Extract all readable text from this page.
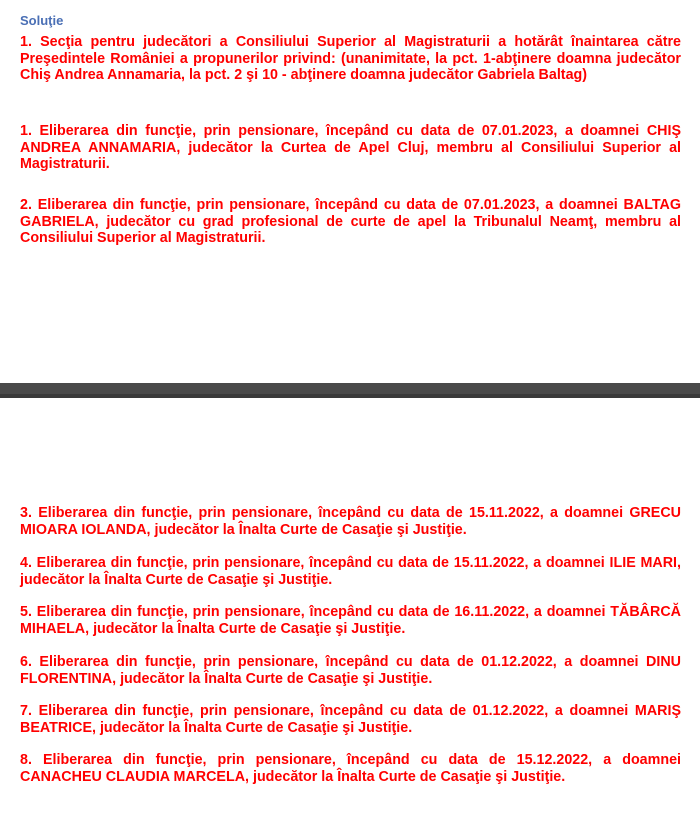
Soluţie

1. Secţia pentru judecători a Consiliului Superior al Magistraturii a hotărât înaintarea către Preşedintele României a propunerilor privind: (unanimitate, la pct. 1-abţinere doamna judecător Chiş Andrea Annamaria, la pct. 2 şi 10 - abţinere doamna judecător Gabriela Baltag)

1. Eliberarea din funcţie, prin pensionare, începând cu data de 07.01.2023, a doamnei CHIŞ ANDREA ANNAMARIA, judecător la Curtea de Apel Cluj, membru al Consiliului Superior al Magistraturii.

2. Eliberarea din funcţie, prin pensionare, începând cu data de 07.01.2023, a doamnei BALTAG GABRIELA, judecător cu grad profesional de curte de apel la Tribunalul Neamţ, membru al Consiliului Superior al Magistraturii.

3. Eliberarea din funcţie, prin pensionare, începând cu data de 15.11.2022, a doamnei GRECU MIOARA IOLANDA, judecător la Înalta Curte de Casaţie şi Justiţie.

4. Eliberarea din funcţie, prin pensionare, începând cu data de 15.11.2022, a doamnei ILIE MARI, judecător la Înalta Curte de Casaţie şi Justiţie.

5. Eliberarea din funcţie, prin pensionare, începând cu data de 16.11.2022, a doamnei TĂBÂRCĂ MIHAELA, judecător la Înalta Curte de Casaţie şi Justiţie.

6. Eliberarea din funcţie, prin pensionare, începând cu data de 01.12.2022, a doamnei DINU FLORENTINA, judecător la Înalta Curte de Casaţie şi Justiţie.

7. Eliberarea din funcţie, prin pensionare, începând cu data de 01.12.2022, a doamnei MARIŞ BEATRICE, judecător la Înalta Curte de Casaţie şi Justiţie.

8. Eliberarea din funcţie, prin pensionare, începând cu data de 15.12.2022, a doamnei CANACHEU CLAUDIA MARCELA, judecător la Înalta Curte de Casaţie şi Justiţie.
